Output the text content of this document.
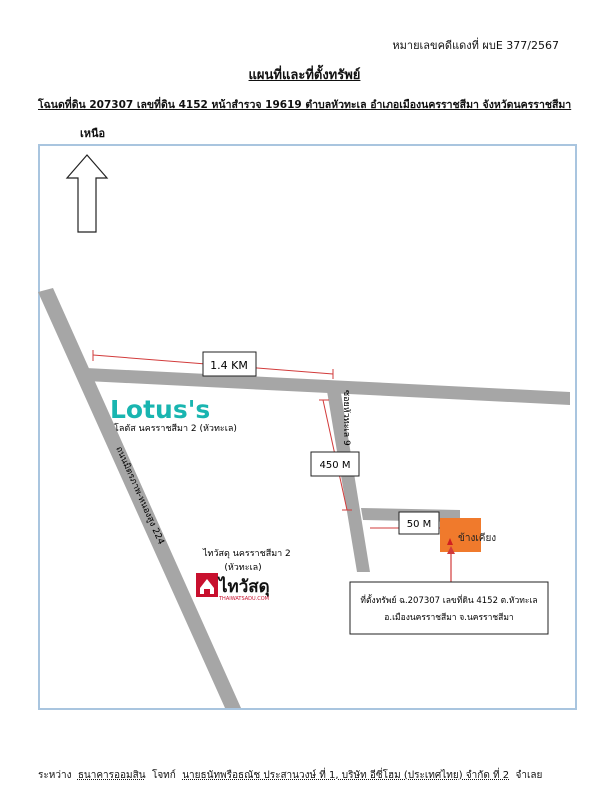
หมายเลขคดีแดงที่ ผบE 377/2567
แผนที่และที่ตั้งทรัพย์
โฉนดที่ดิน 207307 เลขที่ดิน 4152 หน้าสำรวจ 19619 ตำบลหัวทะเล อำเภอเมืองนครราชสีมา จังหวัดนครราชสีมา
เหนือ
1.4 KM
450 M
50 M
ซอยหัวทะเล 9
ถนนมิตรภาพ-หนองสูง 224
Lotus's
โลตัส นครราชสีมา 2 (หัวทะเล)
ไทวัสดุ นครราชสีมา 2
(หัวทะเล)
ไทวัสดุ
THAIWATSADU.COM
ข้างเคียง
ที่ตั้งทรัพย์ ฉ.207307 เลขที่ดิน 4152 ต.หัวทะเล
อ.เมืองนครราชสีมา จ.นครราชสีมา
ระหว่าง ธนาคารออมสิน โจทก์ นายธนัทพรือธณัช ประสานวงษ์ ที่ 1, บริษัท อีซี่โฮม (ประเทศไทย) จำกัด ที่ 2 จำเลย
